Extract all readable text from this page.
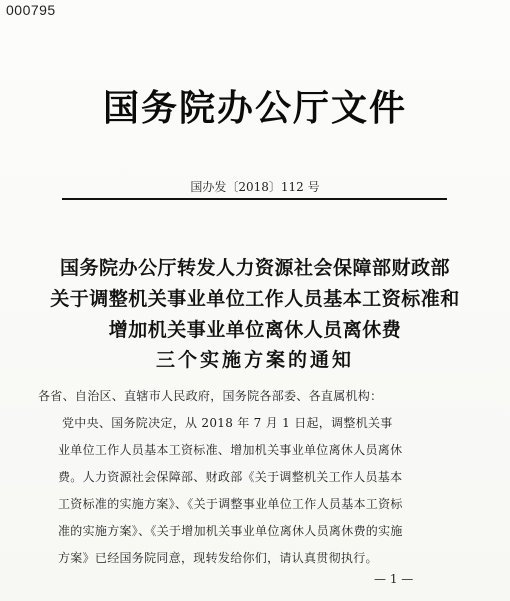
000795
国务院办公厅文件
国办发〔2018〕112 号
国务院办公厅转发人力资源社会保障部财政部
关于调整机关事业单位工作人员基本工资标准和
增加机关事业单位离休人员离休费
三个实施方案的通知
各省、自治区、直辖市人民政府，国务院各部委、各直属机构：
党中央、国务院决定，从 2018 年 7 月 1 日起，调整机关事
业单位工作人员基本工资标准、增加机关事业单位离休人员离休
费。人力资源社会保障部、财政部《关于调整机关工作人员基本
工资标准的实施方案》、《关于调整事业单位工作人员基本工资标
准的实施方案》、《关于增加机关事业单位离休人员离休费的实施
方案》已经国务院同意，现转发给你们，请认真贯彻执行。
— 1 —
